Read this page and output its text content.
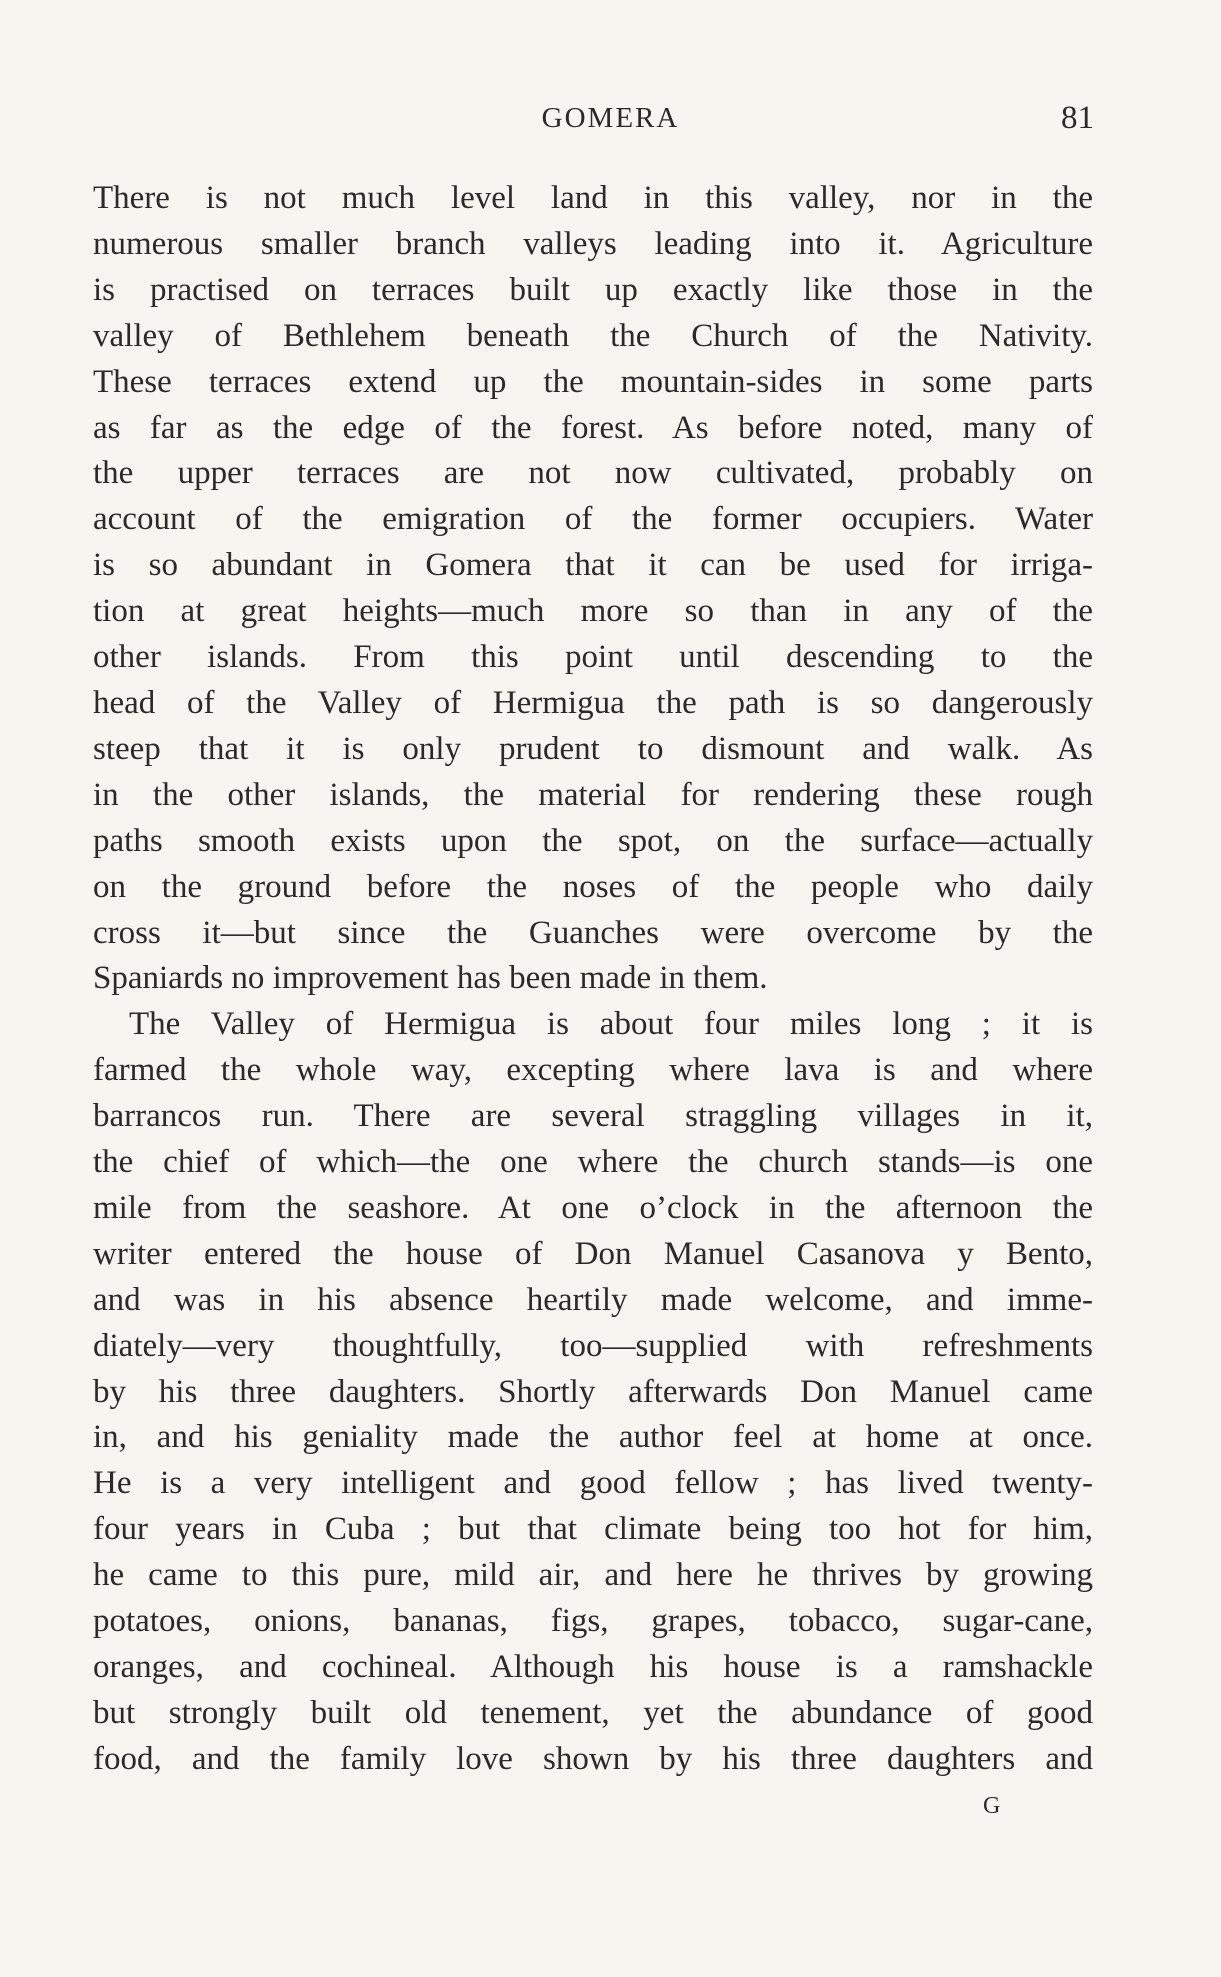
GOMERA	81
There is not much level land in this valley, nor in the
numerous smaller branch valleys leading into it. Agriculture
is practised on terraces built up exactly like those in the
valley of Bethlehem beneath the Church of the Nativity.
These terraces extend up the mountain-sides in some parts
as far as the edge of the forest. As before noted, many of
the upper terraces are not now cultivated, probably on
account of the emigration of the former occupiers. Water
is so abundant in Gomera that it can be used for irriga-
tion at great heights—much more so than in any of the
other islands. From this point until descending to the
head of the Valley of Hermigua the path is so dangerously
steep that it is only prudent to dismount and walk. As
in the other islands, the material for rendering these rough
paths smooth exists upon the spot, on the surface—actually
on the ground before the noses of the people who daily
cross it—but since the Guanches were overcome by the
Spaniards no improvement has been made in them.
The Valley of Hermigua is about four miles long ; it is
farmed the whole way, excepting where lava is and where
barrancos run. There are several straggling villages in it,
the chief of which—the one where the church stands—is one
mile from the seashore. At one o’clock in the afternoon the
writer entered the house of Don Manuel Casanova y Bento,
and was in his absence heartily made welcome, and imme-
diately—very thoughtfully, too—supplied with refreshments
by his three daughters. Shortly afterwards Don Manuel came
in, and his geniality made the author feel at home at once.
He is a very intelligent and good fellow ; has lived twenty-
four years in Cuba ; but that climate being too hot for him,
he came to this pure, mild air, and here he thrives by growing
potatoes, onions, bananas, figs, grapes, tobacco, sugar-cane,
oranges, and cochineal. Although his house is a ramshackle
but strongly built old tenement, yet the abundance of good
food, and the family love shown by his three daughters and
G
